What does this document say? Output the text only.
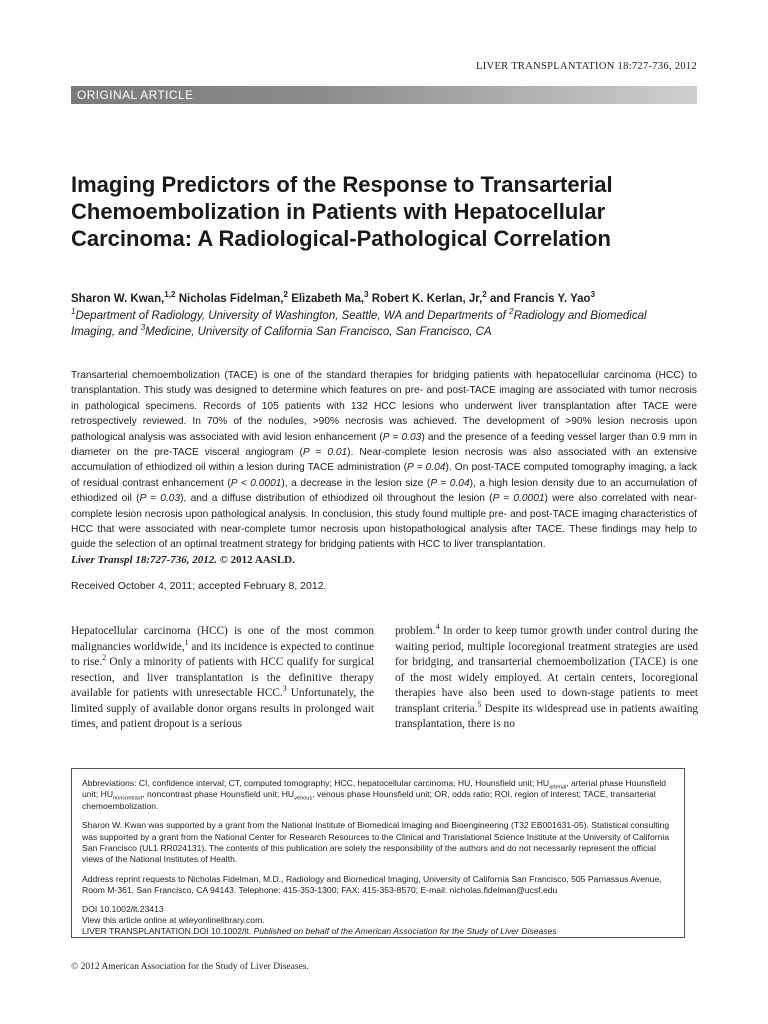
LIVER TRANSPLANTATION 18:727-736, 2012
ORIGINAL ARTICLE
Imaging Predictors of the Response to Transarterial Chemoembolization in Patients with Hepatocellular Carcinoma: A Radiological-Pathological Correlation
Sharon W. Kwan,$^{1,2}$ Nicholas Fidelman,$^2$ Elizabeth Ma,$^3$ Robert K. Kerlan, Jr,$^2$ and Francis Y. Yao$^3$
$^1$Department of Radiology, University of Washington, Seattle, WA and Departments of $^2$Radiology and Biomedical Imaging, and $^3$Medicine, University of California San Francisco, San Francisco, CA

Transarterial chemoembolization (TACE) is one of the standard therapies for bridging patients with hepatocellular carcinoma (HCC) to transplantation. This study was designed to determine which features on pre- and post-TACE imaging are associated with tumor necrosis in pathological specimens. Records of 105 patients with 132 HCC lesions who underwent liver transplantation after TACE were retrospectively reviewed. In 70% of the nodules, >90% necrosis was achieved. The development of >90% lesion necrosis upon pathological analysis was associated with avid lesion enhancement (P = 0.03) and the presence of a feeding vessel larger than 0.9 mm in diameter on the pre-TACE visceral angiogram (P = 0.01). Near-complete lesion necrosis was also associated with an extensive accumulation of ethiodized oil within a lesion during TACE administration (P = 0.04). On post-TACE computed tomography imaging, a lack of residual contrast enhancement (P < 0.0001), a decrease in the lesion size (P = 0.04), a high lesion density due to an accumulation of ethiodized oil (P = 0.03), and a diffuse distribution of ethiodized oil throughout the lesion (P = 0.0001) were also correlated with near-complete lesion necrosis upon pathological analysis. In conclusion, this study found multiple pre- and post-TACE imaging characteristics of HCC that were associated with near-complete tumor necrosis upon histopathological analysis after TACE. These findings may help to guide the selection of an optimal treatment strategy for bridging patients with HCC to liver transplantation.
Liver Transpl 18:727-736, 2012. © 2012 AASLD.

Received October 4, 2011; accepted February 8, 2012.

Hepatocellular carcinoma (HCC) is one of the most common malignancies worldwide,$^1$ and its incidence is expected to continue to rise.$^2$ Only a minority of patients with HCC qualify for surgical resection, and liver transplantation is the definitive therapy available for patients with unresectable HCC.$^3$ Unfortunately, the limited supply of available donor organs results in prolonged wait times, and patient dropout is a serious

problem.$^4$ In order to keep tumor growth under control during the waiting period, multiple locoregional treatment strategies are used for bridging, and transarterial chemoembolization (TACE) is one of the most widely employed. At certain centers, locoregional therapies have also been used to down-stage patients to meet transplant criteria.$^5$ Despite its widespread use in patients awaiting transplantation, there is no

Abbreviations: CI, confidence interval; CT, computed tomography; HCC, hepatocellular carcinoma; HU, Hounsfield unit; $HU_{arterial}$, arterial phase Hounsfield unit; $HU_{noncontrast}$, noncontrast phase Hounsfield unit; $HU_{venous}$, venous phase Hounsfield unit; OR, odds ratio; ROI, region of interest; TACE, transarterial chemoembolization.

Sharon W. Kwan was supported by a grant from the National Institute of Biomedical Imaging and Bioengineering (T32 EB001631-05). Statistical consulting was supported by a grant from the National Center for Research Resources to the Clinical and Translational Science Institute at the University of California San Francisco (UL1 RR024131). The contents of this publication are solely the responsibility of the authors and do not necessarily represent the official views of the National Institutes of Health.

Address reprint requests to Nicholas Fidelman, M.D., Radiology and Biomedical Imaging, University of California San Francisco, 505 Parnassus Avenue, Room M-361, San Francisco, CA 94143. Telephone: 415-353-1300; FAX: 415-353-8570; E-mail: nicholas.fidelman@ucsf.edu

DOI 10.1002/lt.23413

View this article online at wileyonlinelibrary.com.

LIVER TRANSPLANTATION.DOI 10.1002/lt. Published on behalf of the American Association for the Study of Liver Diseases

© 2012 American Association for the Study of Liver Diseases.
